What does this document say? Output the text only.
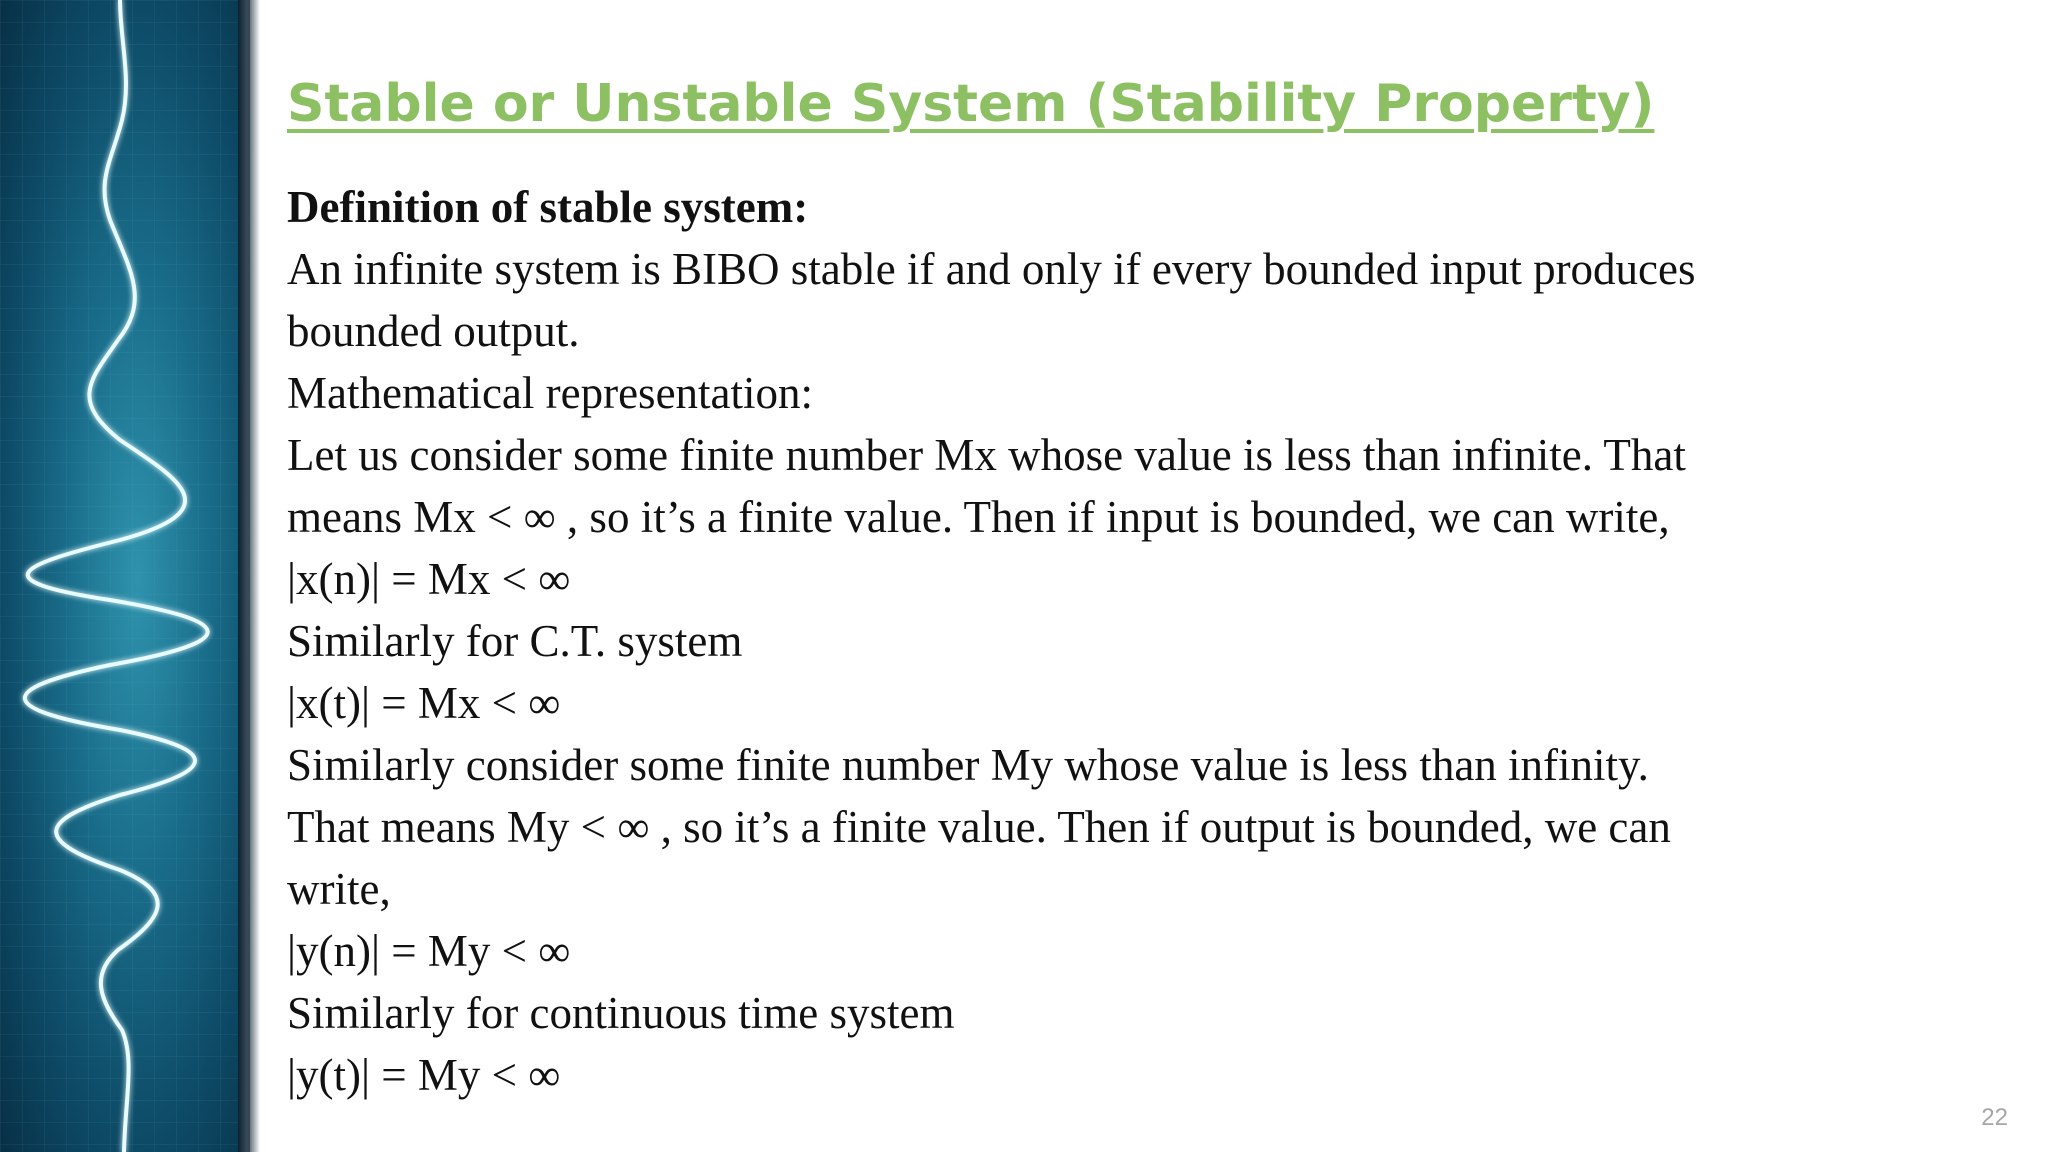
Stable or Unstable System (Stability Property)
Definition of stable system:
An infinite system is BIBO stable if and only if every bounded input produces
bounded output.
Mathematical representation:
Let us consider some finite number Mx whose value is less than infinite. That
means Mx < ∞ , so it’s a finite value. Then if input is bounded, we can write,
|x(n)| = Mx < ∞
Similarly for C.T. system
|x(t)| = Mx < ∞
Similarly consider some finite number My whose value is less than infinity.
That means My < ∞ , so it’s a finite value. Then if output is bounded, we can
write,
|y(n)| = My < ∞
Similarly for continuous time system
|y(t)| = My < ∞
22
